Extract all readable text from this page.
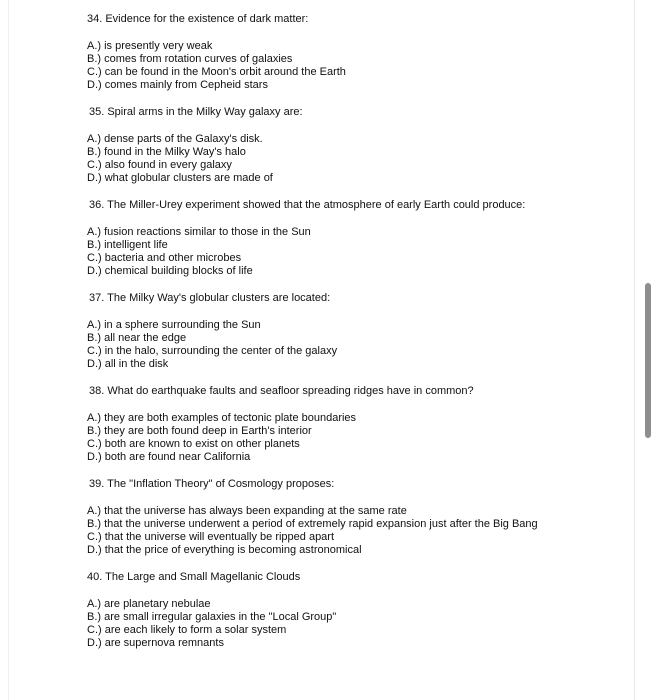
34. Evidence for the existence of dark matter:

A.) is presently very weak
B.) comes from rotation curves of galaxies
C.) can be found in the Moon's orbit around the Earth
D.) comes mainly from Cepheid stars

35. Spiral arms in the Milky Way galaxy are:

A.) dense parts of the Galaxy's disk.
B.) found in the Milky Way's halo
C.) also found in every galaxy
D.) what globular clusters are made of

36. The Miller-Urey experiment showed that the atmosphere of early Earth could produce:

A.) fusion reactions similar to those in the Sun
B.) intelligent life
C.) bacteria and other microbes
D.) chemical building blocks of life

37. The Milky Way's globular clusters are located:

A.) in a sphere surrounding the Sun
B.) all near the edge
C.) in the halo, surrounding the center of the galaxy
D.) all in the disk

38. What do earthquake faults and seafloor spreading ridges have in common?

A.) they are both examples of tectonic plate boundaries
B.) they are both found deep in Earth's interior
C.) both are known to exist on other planets
D.) both are found near California

39. The "Inflation Theory" of Cosmology proposes:

A.) that the universe has always been expanding at the same rate
B.) that the universe underwent a period of extremely rapid expansion just after the Big Bang
C.) that the universe will eventually be ripped apart
D.) that the price of everything is becoming astronomical

40. The Large and Small Magellanic Clouds

A.) are planetary nebulae
B.) are small irregular galaxies in the "Local Group"
C.) are each likely to form a solar system
D.) are supernova remnants
